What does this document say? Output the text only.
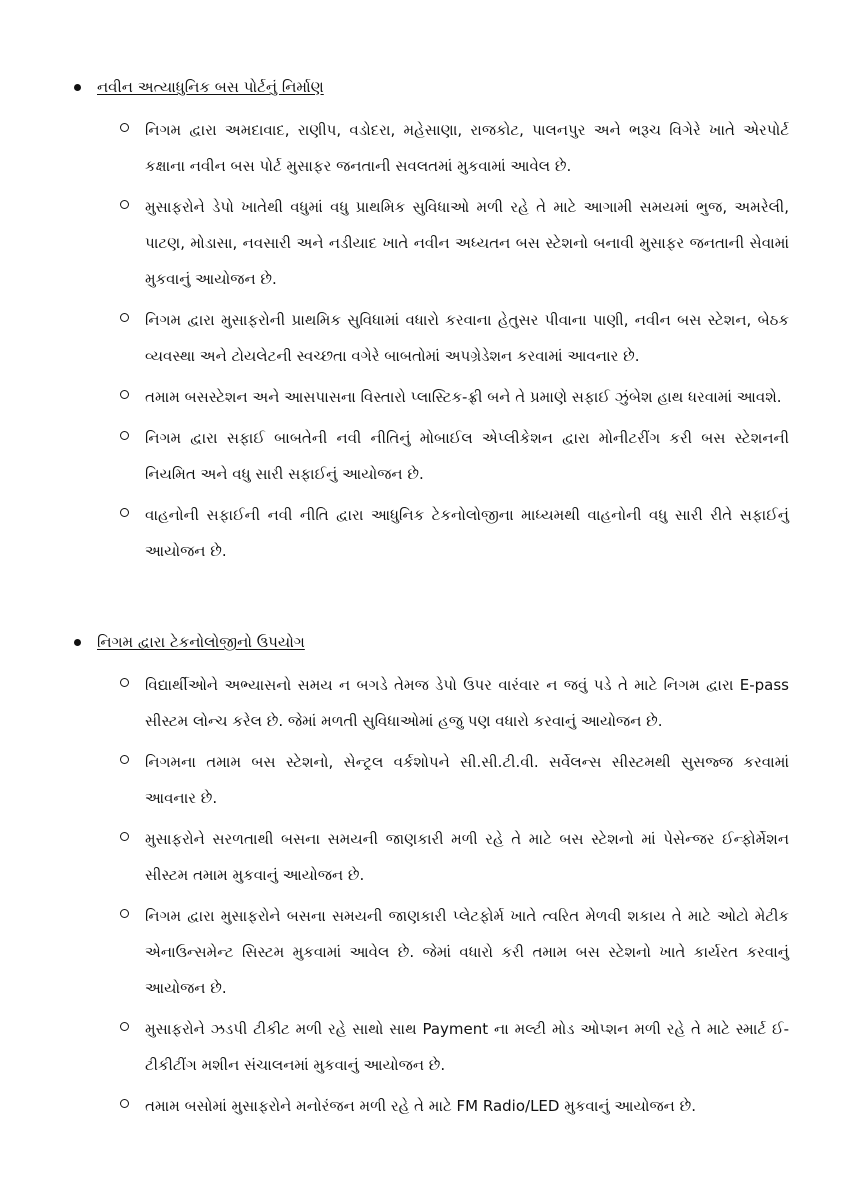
નવીન અત્યાધુનિક બસ પોર્ટનું નિર્માણ
નિગમ દ્વારા અમદાવાદ, રાણીપ, વડોદરા, મહેસાણા, રાજકોટ, પાલનપુર અને ભરૂચ વિગેરે ખાતે એરપોર્ટ કક્ષાના નવીન બસ પોર્ટ મુસાફર જનતાની સવલતમાં મુકવામાં આવેલ છે.
મુસાફરોને ડેપો ખાતેથી વધુમાં વધુ પ્રાથમિક સુવિધાઓ મળી રહે તે માટે આગામી સમયમાં ભુજ, અમરેલી, પાટણ, મોડાસા, નવસારી અને નડીયાદ ખાતે નવીન અધ્યતન બસ સ્ટેશનો બનાવી મુસાફર જનતાની સેવામાં મુકવાનું આયોજન છે.
નિગમ દ્વારા મુસાફરોની પ્રાથમિક સુવિધામાં વધારો કરવાના હેતુસર પીવાના પાણી, નવીન બસ સ્ટેશન, બેઠક વ્યવસ્થા અને ટોયલેટની સ્વચ્છતા વગેરે બાબતોમાં અપગ્રેડેશન કરવામાં આવનાર છે.
તમામ બસસ્ટેશન અને આસપાસના વિસ્તારો પ્લાસ્ટિક-ફ્રી બને તે પ્રમાણે સફાઈ ઝુંબેશ હાથ ધરવામાં આવશે.
નિગમ દ્વારા સફાઈ બાબતેની નવી નીતિનું મોબાઈલ એપ્લીકેશન દ્વારા મોનીટરીંગ કરી બસ સ્ટેશનની નિયમિત અને વધુ સારી સફાઈનું આયોજન છે.
વાહનોની સફાઈની નવી નીતિ દ્વારા આધુનિક ટેકનોલોજીના માધ્યમથી વાહનોની વધુ સારી રીતે સફાઈનું આયોજન છે.
નિગમ દ્વારા ટેકનોલોજીનો ઉપયોગ
વિદ્યાર્થીઓને અભ્યાસનો સમય ન બગડે તેમજ ડેપો ઉપર વારંવાર ન જવું પડે તે માટે નિગમ દ્વારા E-pass સીસ્ટમ લોન્ચ કરેલ છે. જેમાં મળતી સુવિધાઓમાં હજુ પણ વધારો કરવાનું આયોજન છે.
નિગમના તમામ બસ સ્ટેશનો, સેન્ટ્રલ વર્કશોપને સી.સી.ટી.વી. સર્વેલન્સ સીસ્ટમથી સુસજ્જ કરવામાં આવનાર છે.
મુસાફરોને સરળતાથી બસના સમયની જાણકારી મળી રહે તે માટે બસ સ્ટેશનો માં પેસેન્જર ઈન્ફોર્મેશન સીસ્ટમ તમામ મુકવાનું આયોજન છે.
નિગમ દ્વારા મુસાફરોને બસના સમયની જાણકારી પ્લેટફોર્મ ખાતે ત્વરિત મેળવી શકાય તે માટે ઓટો મેટીક એનાઉન્સમેન્ટ સિસ્ટમ મુકવામાં આવેલ છે. જેમાં વધારો કરી તમામ બસ સ્ટેશનો ખાતે કાર્યરત કરવાનું આયોજન છે.
મુસાફરોને ઝડપી ટીકીટ મળી રહે સાથો સાથ Payment ના મલ્ટી મોડ ઓપ્શન મળી રહે તે માટે સ્માર્ટ ઈ-ટીકીટીંગ મશીન સંચાલનમાં મુકવાનું આયોજન છે.
તમામ બસોમાં મુસાફરોને મનોરંજન મળી રહે તે માટે FM Radio/LED મુકવાનું આયોજન છે.
